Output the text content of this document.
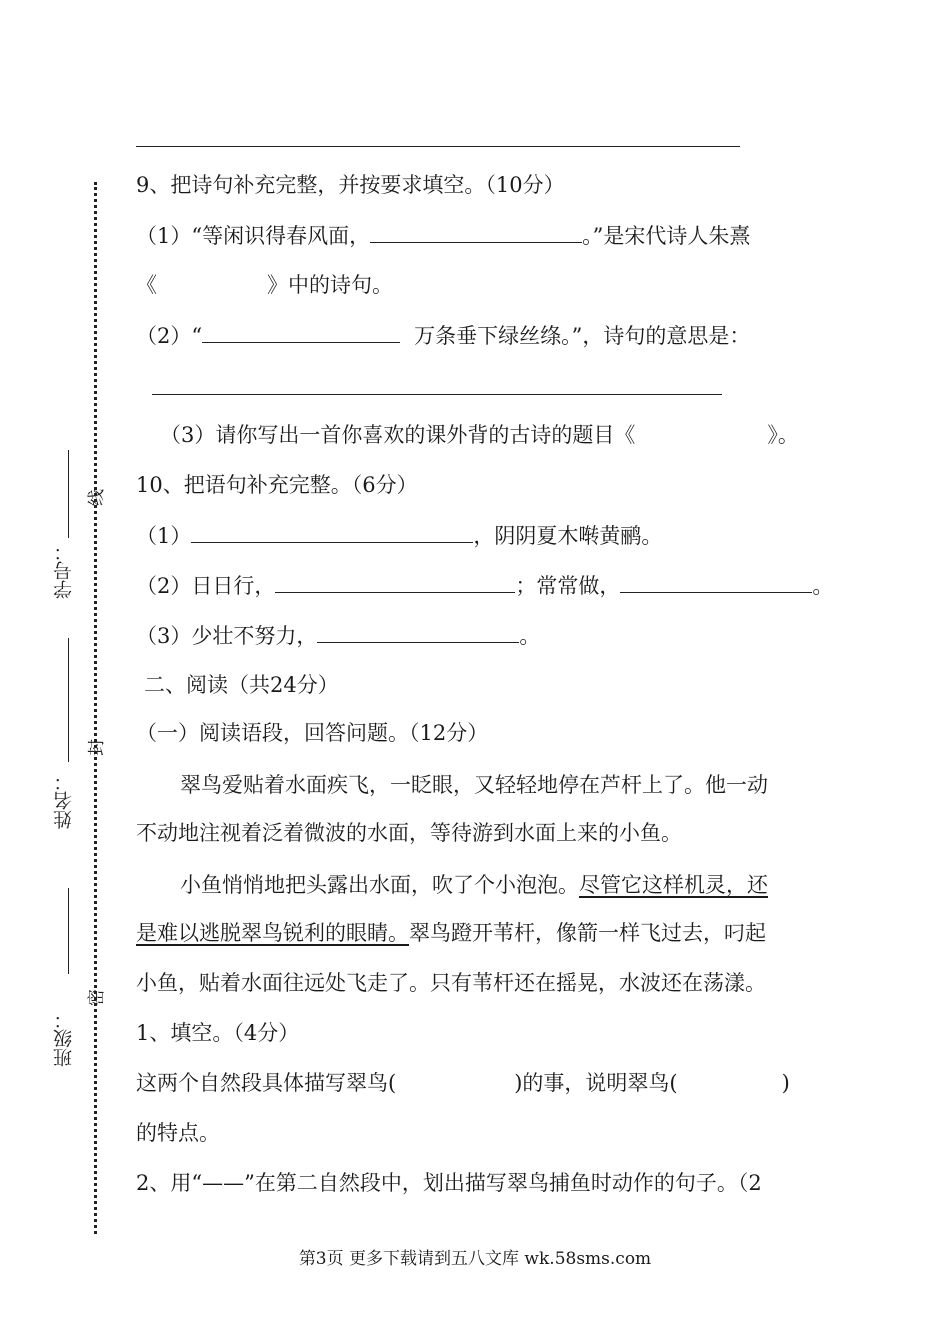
班级：
密
姓名：
封
学号：
线
9、把诗句补充完整，并按要求填空。（10分）
（1）“等闲识得春风面，	。”是宋代诗人朱熹
《	》中的诗句。
（2）“	万条垂下绿丝绦。”，诗句的意思是：
（3）请你写出一首你喜欢的课外背的古诗的题目《	》。
10、把语句补充完整。（6分）
（1）	，阴阴夏木啭黄鹂。
（2）日日行，	；常常做，	。
（3）少壮不努力，	。
二、阅读（共24分）
（一）阅读语段，回答问题。（12分）
翠鸟爱贴着水面疾飞，一眨眼，又轻轻地停在芦杆上了。他一动
不动地注视着泛着微波的水面，等待游到水面上来的小鱼。
小鱼悄悄地把头露出水面，吹了个小泡泡。尽管它这样机灵，还
是难以逃脱翠鸟锐利的眼睛。翠鸟蹬开苇杆，像箭一样飞过去，叼起
小鱼，贴着水面往远处飞走了。只有苇杆还在摇晃，水波还在荡漾。
1、填空。（4分）
这两个自然段具体描写翠鸟(	)的事，说明翠鸟(	)
的特点。
2、用“——”在第二自然段中，划出描写翠鸟捕鱼时动作的句子。（2
第3页 更多下载请到五八文库 wk.58sms.com
